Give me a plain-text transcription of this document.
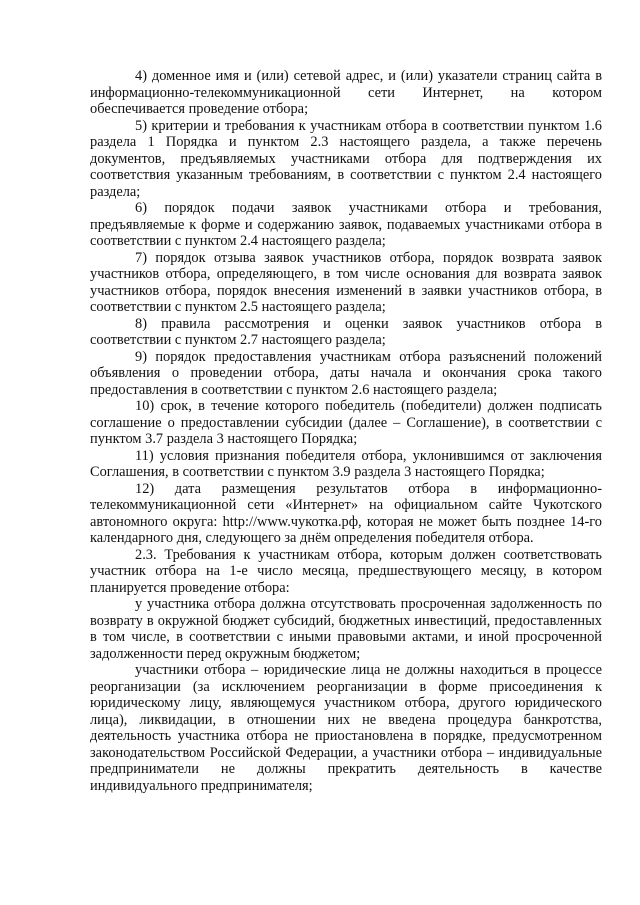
4) доменное имя и (или) сетевой адрес, и (или) указатели страниц сайта в информационно-телекоммуникационной сети Интернет, на котором обеспечивается проведение отбора;

5) критерии и требования к участникам отбора в соответствии пунктом 1.6 раздела 1 Порядка и пунктом 2.3 настоящего раздела, а также перечень документов, предъявляемых участниками отбора для подтверждения их соответствия указанным требованиям, в соответствии с пунктом 2.4 настоящего раздела;

6) порядок подачи заявок участниками отбора и требования, предъявляемые к форме и содержанию заявок, подаваемых участниками отбора в соответствии с пунктом 2.4 настоящего раздела;

7) порядок отзыва заявок участников отбора, порядок возврата заявок участников отбора, определяющего, в том числе основания для возврата заявок участников отбора, порядок внесения изменений в заявки участников отбора, в соответствии с пунктом 2.5 настоящего раздела;

8) правила рассмотрения и оценки заявок участников отбора в соответствии с пунктом 2.7 настоящего раздела;

9) порядок предоставления участникам отбора разъяснений положений объявления о проведении отбора, даты начала и окончания срока такого предоставления в соответствии с пунктом 2.6 настоящего раздела;

10) срок, в течение которого победитель (победители) должен подписать соглашение о предоставлении субсидии (далее – Соглашение), в соответствии с пунктом 3.7 раздела 3 настоящего Порядка;

11) условия признания победителя отбора, уклонившимся от заключения Соглашения, в соответствии с пунктом 3.9 раздела 3 настоящего Порядка;

12) дата размещения результатов отбора в информационно-телекоммуникационной сети «Интернет» на официальном сайте Чукотского автономного округа: http://www.чукотка.рф, которая не может быть позднее 14-го календарного дня, следующего за днём определения победителя отбора.

2.3. Требования к участникам отбора, которым должен соответствовать участник отбора на 1-е число месяца, предшествующего месяцу, в котором планируется проведение отбора:

у участника отбора должна отсутствовать просроченная задолженность по возврату в окружной бюджет субсидий, бюджетных инвестиций, предоставленных в том числе, в соответствии с иными правовыми актами, и иной просроченной задолженности перед окружным бюджетом;

участники отбора – юридические лица не должны находиться в процессе реорганизации (за исключением реорганизации в форме присоединения к юридическому лицу, являющемуся участником отбора, другого юридического лица), ликвидации, в отношении них не введена процедура банкротства, деятельность участника отбора не приостановлена в порядке, предусмотренном законодательством Российской Федерации, а участники отбора – индивидуальные предприниматели не должны прекратить деятельность в качестве индивидуального предпринимателя;
